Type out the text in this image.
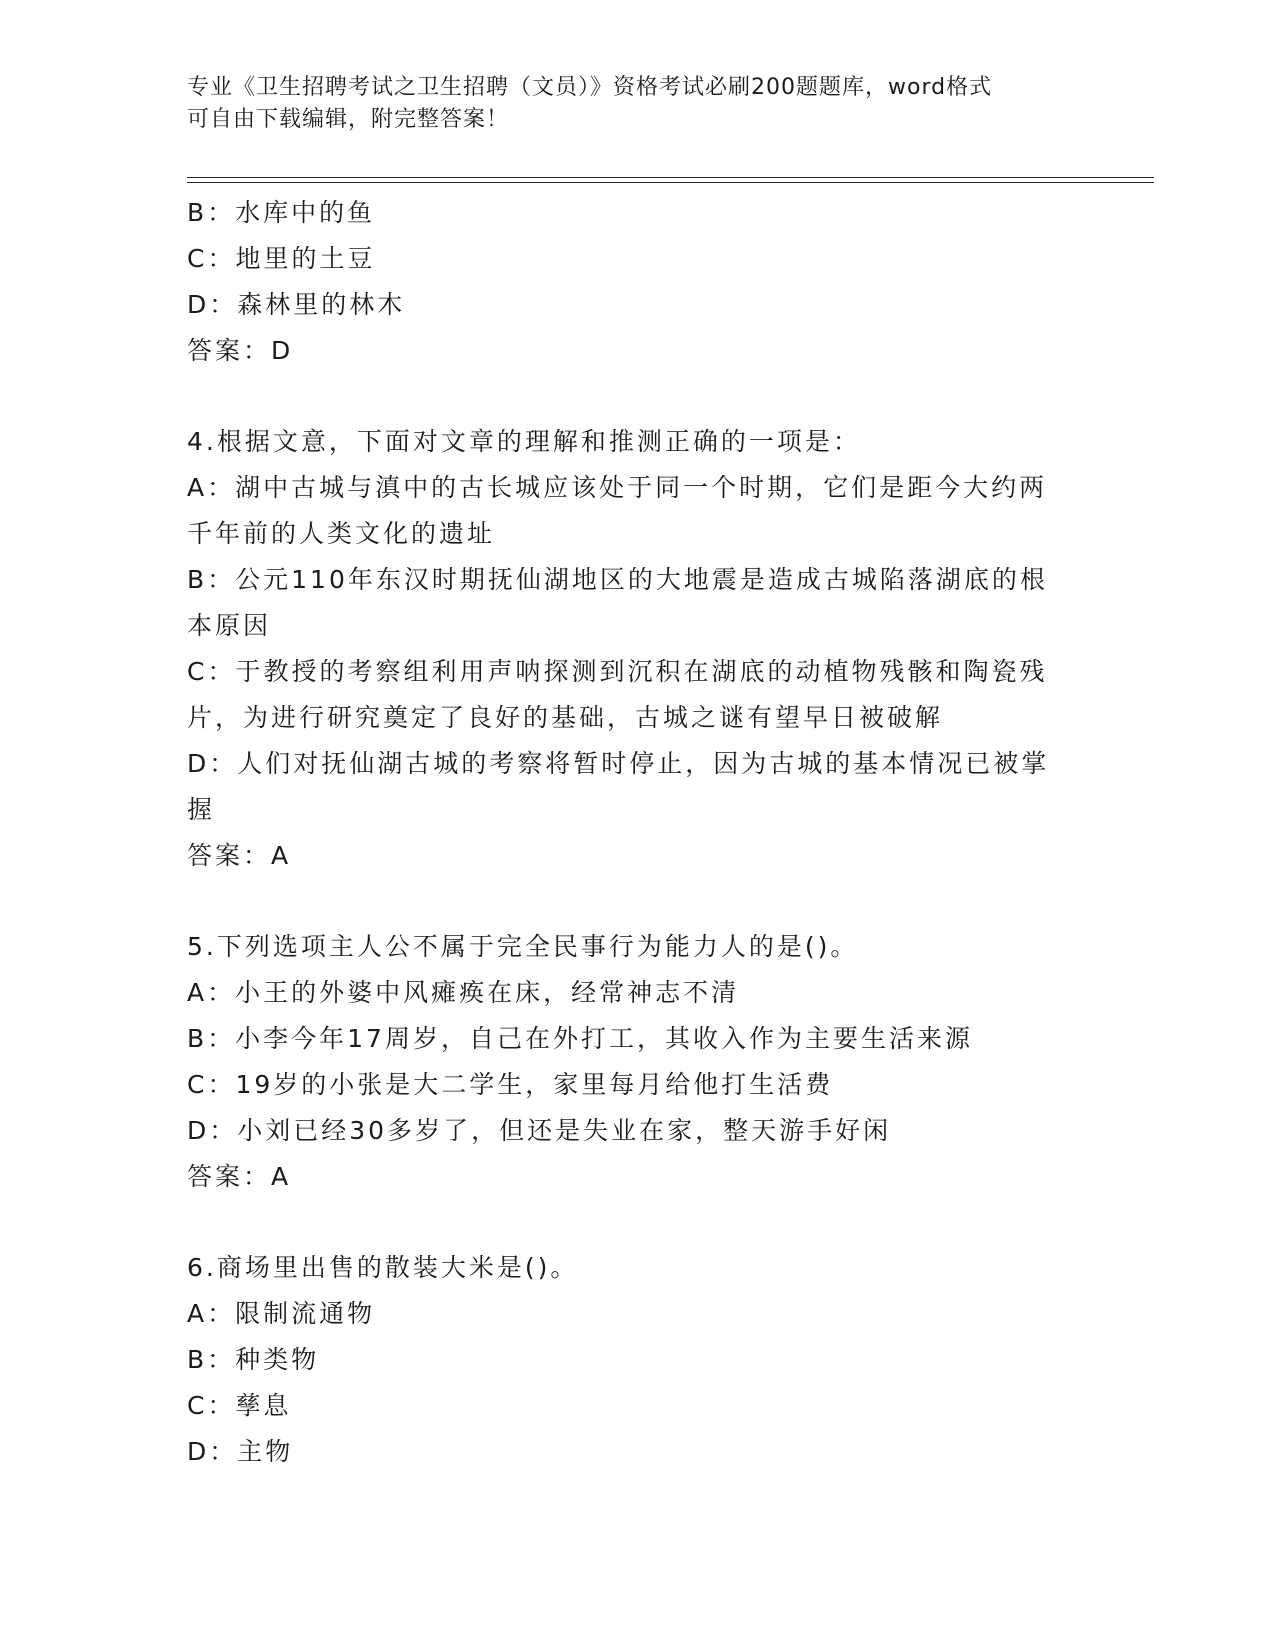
专业《卫生招聘考试之卫生招聘（文员）》资格考试必刷200题题库，word格式
可自由下载编辑，附完整答案！
B：水库中的鱼
C：地里的土豆
D：森林里的林木
答案：D
4.根据文意，下面对文章的理解和推测正确的一项是：
A：湖中古城与滇中的古长城应该处于同一个时期，它们是距今大约两
千年前的人类文化的遗址
B：公元110年东汉时期抚仙湖地区的大地震是造成古城陷落湖底的根
本原因
C：于教授的考察组利用声呐探测到沉积在湖底的动植物残骸和陶瓷残
片，为进行研究奠定了良好的基础，古城之谜有望早日被破解
D：人们对抚仙湖古城的考察将暂时停止，因为古城的基本情况已被掌
握
答案：A
5.下列选项主人公不属于完全民事行为能力人的是()。
A：小王的外婆中风瘫痪在床，经常神志不清
B：小李今年17周岁，自己在外打工，其收入作为主要生活来源
C：19岁的小张是大二学生，家里每月给他打生活费
D：小刘已经30多岁了，但还是失业在家，整天游手好闲
答案：A
6.商场里出售的散装大米是()。
A：限制流通物
B：种类物
C：孳息
D：主物
